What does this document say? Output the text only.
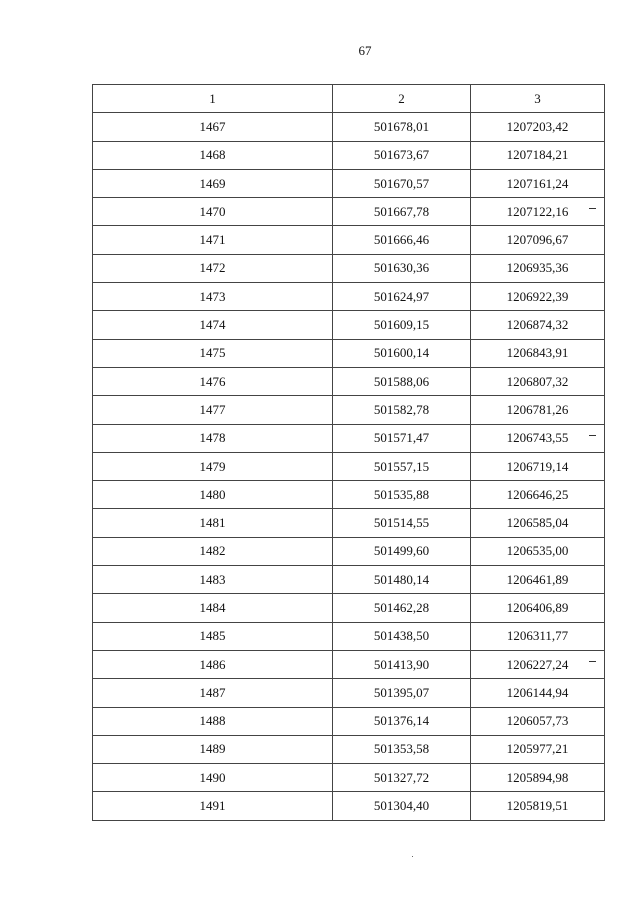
67
1	2	3
1467	501678,01	1207203,42
1468	501673,67	1207184,21
1469	501670,57	1207161,24
1470	501667,78	1207122,16

1471	501666,46	1207096,67
1472	501630,36	1206935,36
1473	501624,97	1206922,39
1474	501609,15	1206874,32
1475	501600,14	1206843,91
1476	501588,06	1206807,32
1477	501582,78	1206781,26
1478	501571,47	1206743,55

1479	501557,15	1206719,14
1480	501535,88	1206646,25
1481	501514,55	1206585,04
1482	501499,60	1206535,00
1483	501480,14	1206461,89
1484	501462,28	1206406,89
1485	501438,50	1206311,77
1486	501413,90	1206227,24

1487	501395,07	1206144,94
1488	501376,14	1206057,73
1489	501353,58	1205977,21
1490	501327,72	1205894,98
1491	501304,40	1205819,51
